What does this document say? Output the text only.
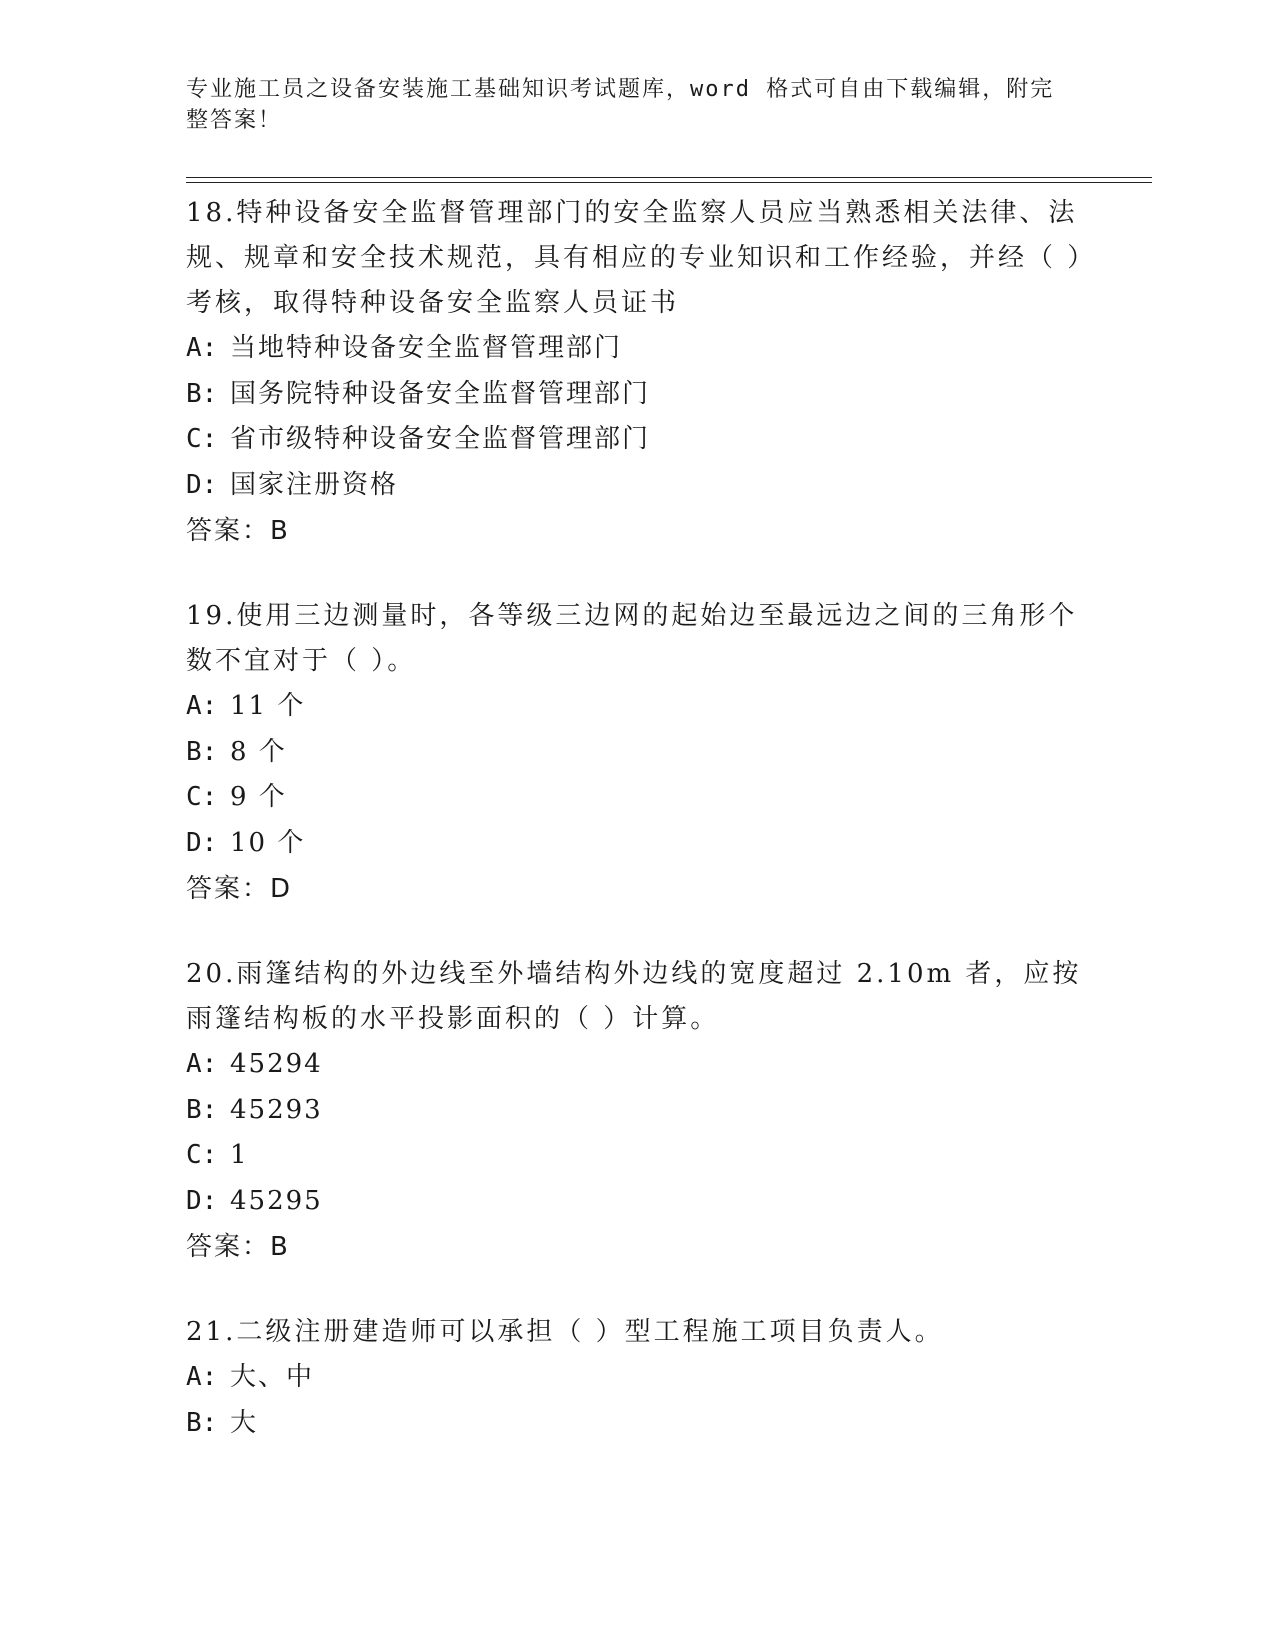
专业施工员之设备安装施工基础知识考试题库，word 格式可自由下载编辑，附完整答案！
18.特种设备安全监督管理部门的安全监察人员应当熟悉相关法律、法规、规章和安全技术规范，具有相应的专业知识和工作经验，并经（ ）考核，取得特种设备安全监察人员证书
A: 当地特种设备安全监督管理部门
B: 国务院特种设备安全监督管理部门
C: 省市级特种设备安全监督管理部门
D: 国家注册资格
答案：B
19.使用三边测量时，各等级三边网的起始边至最远边之间的三角形个数不宜对于（ ）。
A: 11 个
B: 8 个
C: 9 个
D: 10 个
答案：D
20.雨篷结构的外边线至外墙结构外边线的宽度超过 2.10m 者，应按雨篷结构板的水平投影面积的（ ）计算。
A: 45294
B: 45293
C: 1
D: 45295
答案：B
21.二级注册建造师可以承担（ ）型工程施工项目负责人。
A: 大、中
B: 大
